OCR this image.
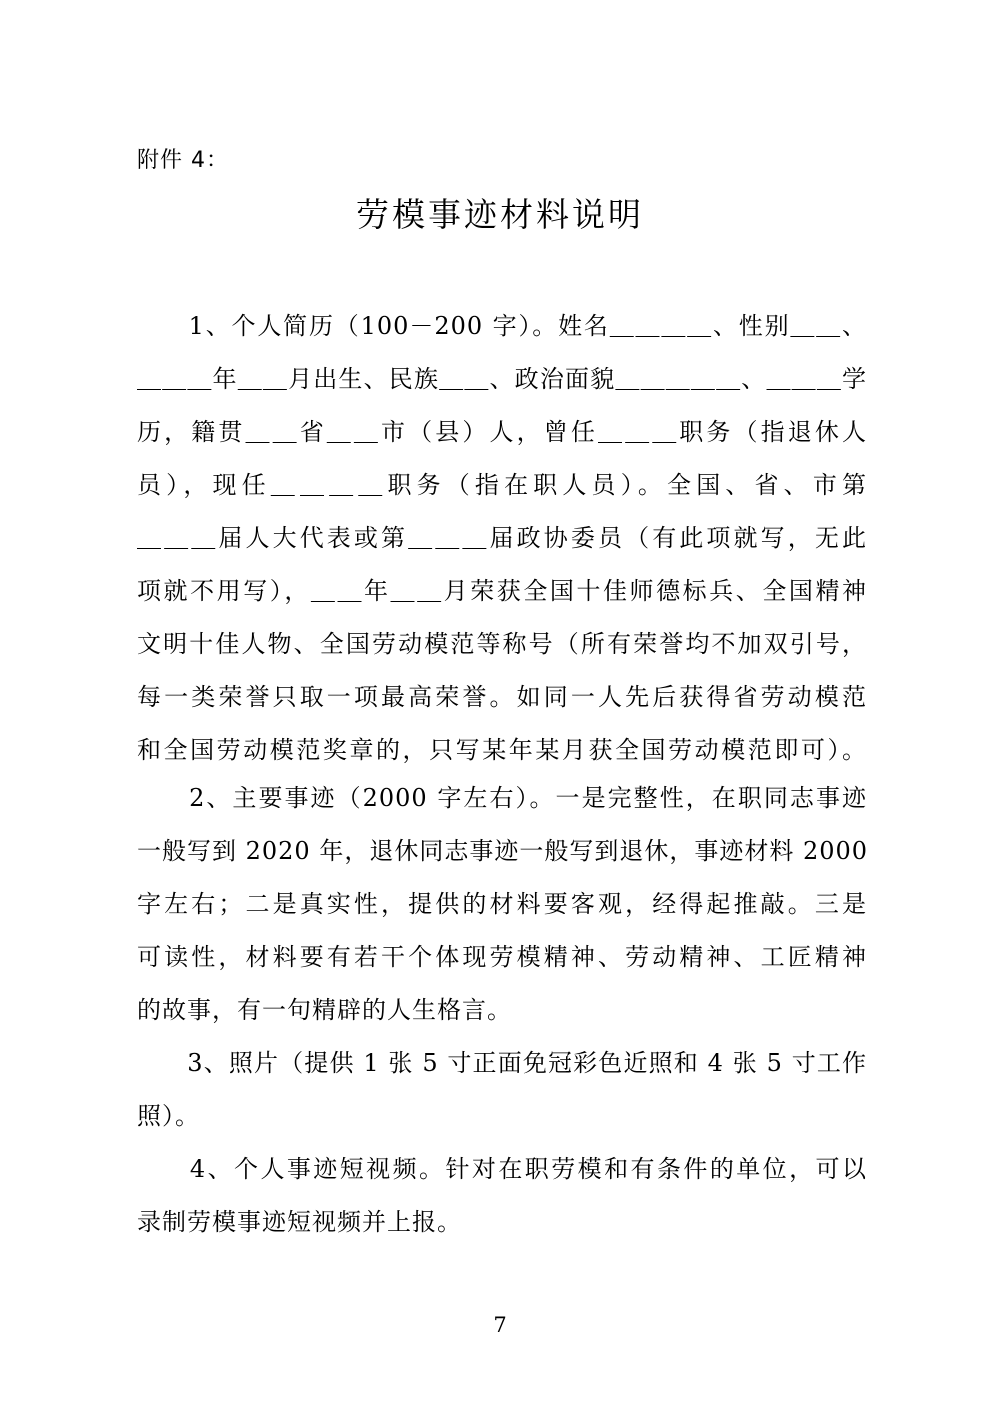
附件 4：
劳模事迹材料说明
　　1、个人简历（100－200 字）。姓名＿＿＿＿、性别＿＿、
＿＿＿年＿＿月出生、民族＿＿、政治面貌＿＿＿＿＿、＿＿＿学
历，籍贯＿＿省＿＿市（县）人，曾任＿＿＿职务（指退休人
员），现任＿＿＿＿职务（指在职人员）。全国、省、市第
＿＿＿届人大代表或第＿＿＿届政协委员（有此项就写，无此
项就不用写），＿＿年＿＿月荣获全国十佳师德标兵、全国精神
文明十佳人物、全国劳动模范等称号（所有荣誉均不加双引号，
每一类荣誉只取一项最高荣誉。如同一人先后获得省劳动模范
和全国劳动模范奖章的，只写某年某月获全国劳动模范即可）。
　　2、主要事迹（2000 字左右）。一是完整性，在职同志事迹
一般写到 2020 年，退休同志事迹一般写到退休，事迹材料 2000
字左右；二是真实性，提供的材料要客观，经得起推敲。三是
可读性，材料要有若干个体现劳模精神、劳动精神、工匠精神
的故事，有一句精辟的人生格言。
　　3、照片（提供 1 张 5 寸正面免冠彩色近照和 4 张 5 寸工作
照）。
　　4、个人事迹短视频。针对在职劳模和有条件的单位，可以
录制劳模事迹短视频并上报。
7
